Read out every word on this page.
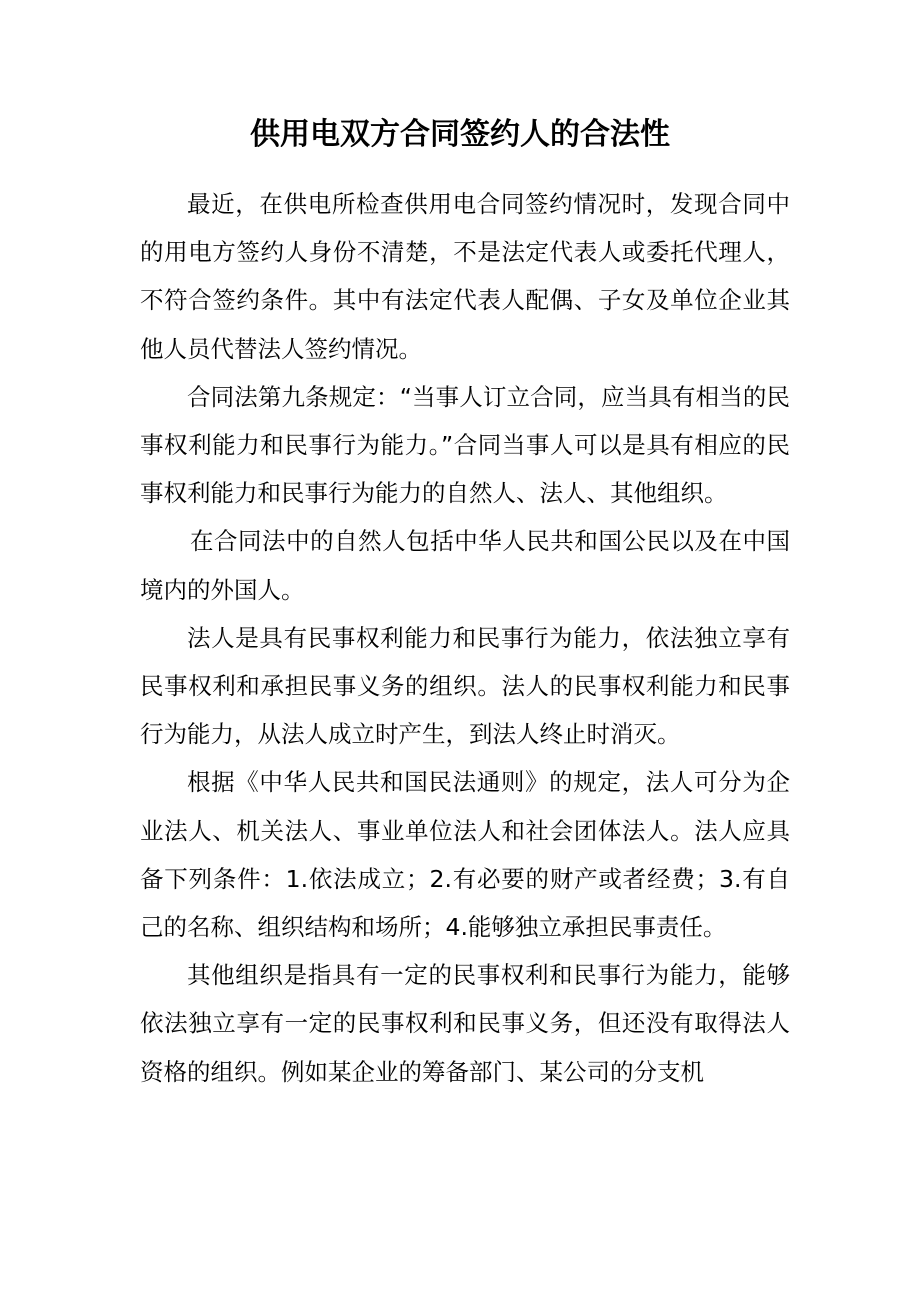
供用电双方合同签约人的合法性

最近，在供电所检查供用电合同签约情况时，发现合同中的用电方签约人身份不清楚，不是法定代表人或委托代理人，不符合签约条件。其中有法定代表人配偶、子女及单位企业其他人员代替法人签约情况。

合同法第九条规定：“当事人订立合同，应当具有相当的民事权利能力和民事行为能力。”合同当事人可以是具有相应的民事权利能力和民事行为能力的自然人、法人、其他组织。

在合同法中的自然人包括中华人民共和国公民以及在中国境内的外国人。

法人是具有民事权利能力和民事行为能力，依法独立享有民事权利和承担民事义务的组织。法人的民事权利能力和民事行为能力，从法人成立时产生，到法人终止时消灭。

根据《中华人民共和国民法通则》的规定，法人可分为企业法人、机关法人、事业单位法人和社会团体法人。法人应具备下列条件：1.依法成立；2.有必要的财产或者经费；3.有自己的名称、组织结构和场所；4.能够独立承担民事责任。

其他组织是指具有一定的民事权利和民事行为能力，能够依法独立享有一定的民事权利和民事义务，但还没有取得法人资格的组织。例如某企业的筹备部门、某公司的分支机
